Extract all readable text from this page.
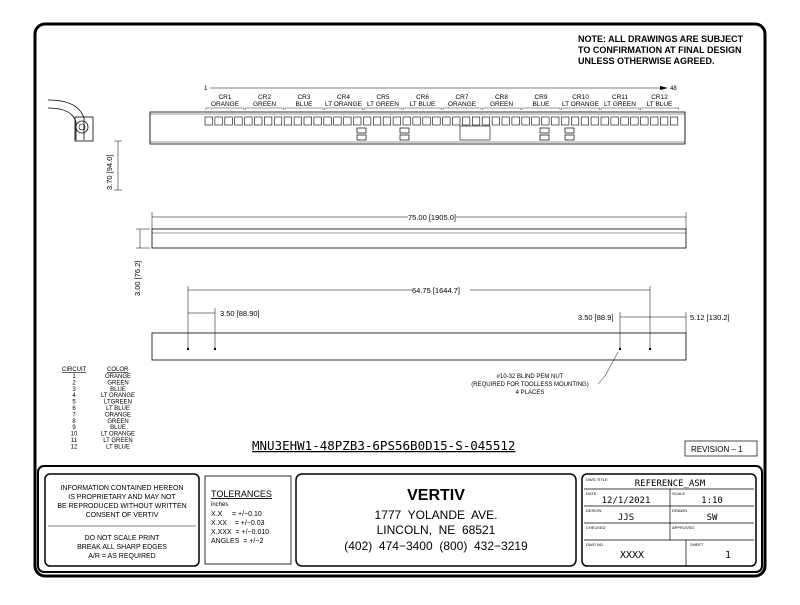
NOTE: ALL DRAWINGS ARE SUBJECT
TO CONFIRMATION AT FINAL DESIGN
UNLESS OTHERWISE AGREED.
1	48
CR1
ORANGE
CR2
GREEN
CR3
BLUE
CR4
LT ORANGE
CR5
LT GREEN
CR6
LT BLUE
CR7
ORANGE
CR8
GREEN
CR9
BLUE
CR10
LT ORANGE
CR11
LT GREEN
CR12
LT BLUE
3.70 [94.0]
75.00 [1905.0]
3.00 [76.2]	64.75 [1644.7]
3.50 [88.90]	3.50 [88.9]	5.12 [130.2]
#10-32 BLIND PEM NUT
(REQUIRED FOR TOOLLESS MOUNTING)
4 PLACES
CIRCUIT	COLOR
1	ORANGE
2	GREEN
3	BLUE
4	LT ORANGE
5	LTGREEN
6	LT BLUE
7	ORANGE
8	GREEN
9	BLUE
10	LT ORANGE
11	LT GREEN
12	LT BLUE	MNU3EHW1-48PZB3-6PS56B0D15-S-045512	REVISION – 1
INFORMATION CONTAINED HEREON
IS PROPRIETARY AND MAY NOT
BE REPRODUCED WITHOUT WRITTEN
CONSENT OF VERTIV
DO NOT SCALE PRINT
BREAK ALL SHARP EDGES
A/R = AS REQUIRED
TOLERANCES
inches
X.X     = +/−0.10
X.XX    = +/−0.03
X.XXX  = +/−0.010
ANGLES  = +/−2
VERTIV
1777  YOLANDE  AVE.
LINCOLN,  NE  68521
(402)  474−3400  (800)  432−3219
DWG TITLE	REFERENCE_ASM
DATE
12/1/2021
SCALE
1:10
DESIGN
JJS
DRAWN
SW
CHECKED	APPROVED
DWG NO.
XXXX
SHEET
1
